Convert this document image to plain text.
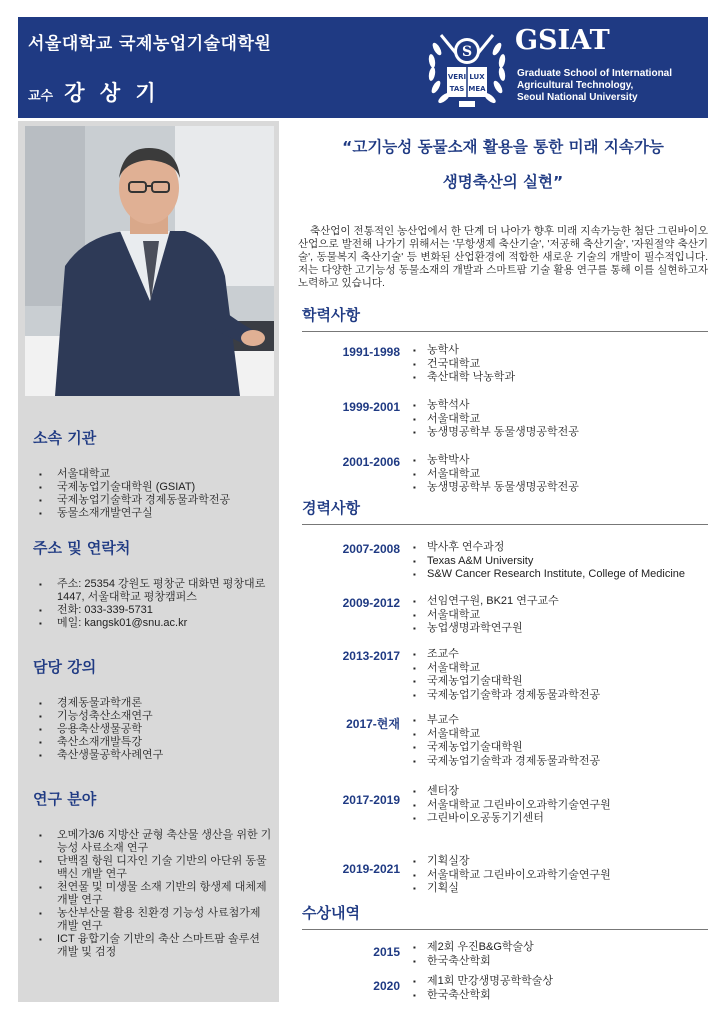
서울대학교 국제농업기술대학원
교수 강 상 기
S
VERI LUX
TAS MEA
GSIAT
Graduate School of International
Agricultural Technology,
Seoul National University
소속 기관
▪ 서울대학교
▪ 국제농업기술대학원 (GSIAT)
▪ 국제농업기술학과 경제동물과학전공
▪ 동물소재개발연구실
주소 및 연락처
▪ 주소: 25354 강원도 평창군 대화면 평창대로 1447, 서울대학교 평창캠퍼스
▪ 전화: 033-339-5731
▪ 메일: kangsk01@snu.ac.kr
담당 강의
▪ 경제동물과학개론
▪ 기능성축산소재연구
▪ 응용축산생물공학
▪ 축산소재개발특강
▪ 축산생물공학사례연구
연구 분야
▪ 오메가3/6 지방산 균형 축산물 생산을 위한 기능성 사료소재 연구
▪ 단백질 항원 디자인 기술 기반의 아단위 동물백신 개발 연구
▪ 천연물 및 미생물 소재 기반의 항생제 대체제 개발 연구
▪ 농산부산물 활용 친환경 기능성 사료첨가제 개발 연구
▪ ICT 융합기술 기반의 축산 스마트팜 솔루션 개발 및 검정
“고기능성 동물소재 활용을 통한 미래 지속가능
생명축산의 실현”

축산업이 전통적인 농산업에서 한 단계 더 나아가 향후 미래 지속가능한 첨단 그린바이오 산업으로 발전해 나가기 위해서는 '무항생제 축산기술', '저공해 축산기술', '자원절약 축산기술', 동물복지 축산기술' 등 변화된 산업환경에 적합한 새로운 기술의 개발이 필수적입니다. 저는 다양한 고기능성 동물소재의 개발과 스마트팜 기술 활용 연구를 통해 이를 실현하고자 노력하고 있습니다.

학력사항
1991-1998	▪ 농학사
▪ 건국대학교
▪ 축산대학 낙농학과
1999-2001	▪ 농학석사
▪ 서울대학교
▪ 농생명공학부 동물생명공학전공
2001-2006	▪ 농학박사
▪ 서울대학교
▪ 농생명공학부 동물생명공학전공
경력사항
2007-2008	▪ 박사후 연수과정
▪ Texas A&M University
▪ S&W Cancer Research Institute, College of Medicine
2009-2012	▪ 선임연구원, BK21 연구교수
▪ 서울대학교
▪ 농업생명과학연구원
2013-2017	▪ 조교수
▪ 서울대학교
▪ 국제농업기술대학원
▪ 국제농업기술학과 경제동물과학전공
2017-현재	▪ 부교수
▪ 서울대학교
▪ 국제농업기술대학원
▪ 국제농업기술학과 경제동물과학전공
2017-2019
▪ 센터장
▪ 서울대학교 그린바이오과학기술연구원
▪ 그린바이오공동기기센터
2019-2021
▪ 기획실장
▪ 서울대학교 그린바이오과학기술연구원
▪ 기획실
수상내역
2015	▪ 제2회 우진B&G학술상
▪ 한국축산학회
2020	▪ 제1회 만강생명공학학술상
▪ 한국축산학회
